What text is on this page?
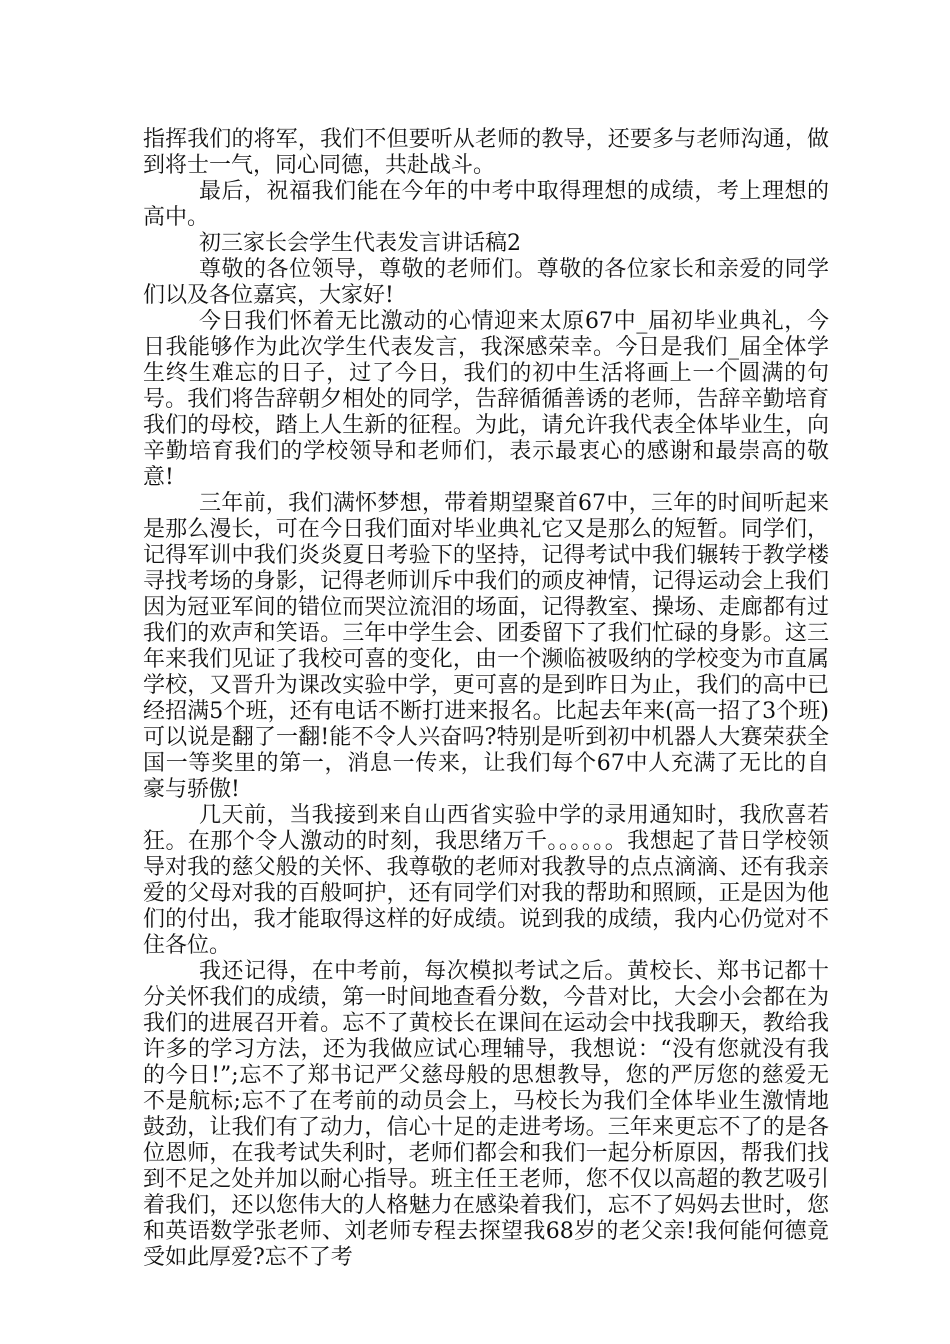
指挥我们的将军，我们不但要听从老师的教导，还要多与老师沟通，做到将士一气，同心同德，共赴战斗。

最后，祝福我们能在今年的中考中取得理想的成绩，考上理想的高中。

初三家长会学生代表发言讲话稿2

尊敬的各位领导，尊敬的老师们。尊敬的各位家长和亲爱的同学们以及各位嘉宾，大家好!

今日我们怀着无比激动的心情迎来太原67中_届初毕业典礼，今日我能够作为此次学生代表发言，我深感荣幸。今日是我们_届全体学生终生难忘的日子，过了今日，我们的初中生活将画上一个圆满的句号。我们将告辞朝夕相处的同学，告辞循循善诱的老师，告辞辛勤培育我们的母校，踏上人生新的征程。为此，请允许我代表全体毕业生，向辛勤培育我们的学校领导和老师们，表示最衷心的感谢和最崇高的敬意!

三年前，我们满怀梦想，带着期望聚首67中，三年的时间听起来是那么漫长，可在今日我们面对毕业典礼它又是那么的短暂。同学们，记得军训中我们炎炎夏日考验下的坚持，记得考试中我们辗转于教学楼寻找考场的身影，记得老师训斥中我们的顽皮神情，记得运动会上我们因为冠亚军间的错位而哭泣流泪的场面，记得教室、操场、走廊都有过我们的欢声和笑语。三年中学生会、团委留下了我们忙碌的身影。这三年来我们见证了我校可喜的变化，由一个濒临被吸纳的学校变为市直属学校，又晋升为课改实验中学，更可喜的是到昨日为止，我们的高中已经招满5个班，还有电话不断打进来报名。比起去年来(高一招了3个班)可以说是翻了一翻!能不令人兴奋吗?特别是听到初中机器人大赛荣获全国一等奖里的第一，消息一传来，让我们每个67中人充满了无比的自豪与骄傲!

几天前，当我接到来自山西省实验中学的录用通知时，我欣喜若狂。在那个令人激动的时刻，我思绪万千。。。。。。我想起了昔日学校领导对我的慈父般的关怀、我尊敬的老师对我教导的点点滴滴、还有我亲爱的父母对我的百般呵护，还有同学们对我的帮助和照顾，正是因为他们的付出，我才能取得这样的好成绩。说到我的成绩，我内心仍觉对不住各位。

我还记得，在中考前，每次模拟考试之后。黄校长、郑书记都十分关怀我们的成绩，第一时间地查看分数，今昔对比，大会小会都在为我们的进展召开着。忘不了黄校长在课间在运动会中找我聊天，教给我许多的学习方法，还为我做应试心理辅导，我想说：“没有您就没有我的今日!”;忘不了郑书记严父慈母般的思想教导，您的严厉您的慈爱无不是航标;忘不了在考前的动员会上，马校长为我们全体毕业生激情地鼓劲，让我们有了动力，信心十足的走进考场。三年来更忘不了的是各位恩师，在我考试失利时，老师们都会和我们一起分析原因，帮我们找到不足之处并加以耐心指导。班主任王老师，您不仅以高超的教艺吸引着我们，还以您伟大的人格魅力在感染着我们，忘不了妈妈去世时，您和英语数学张老师、刘老师专程去探望我68岁的老父亲!我何能何德竟受如此厚爱?忘不了考
